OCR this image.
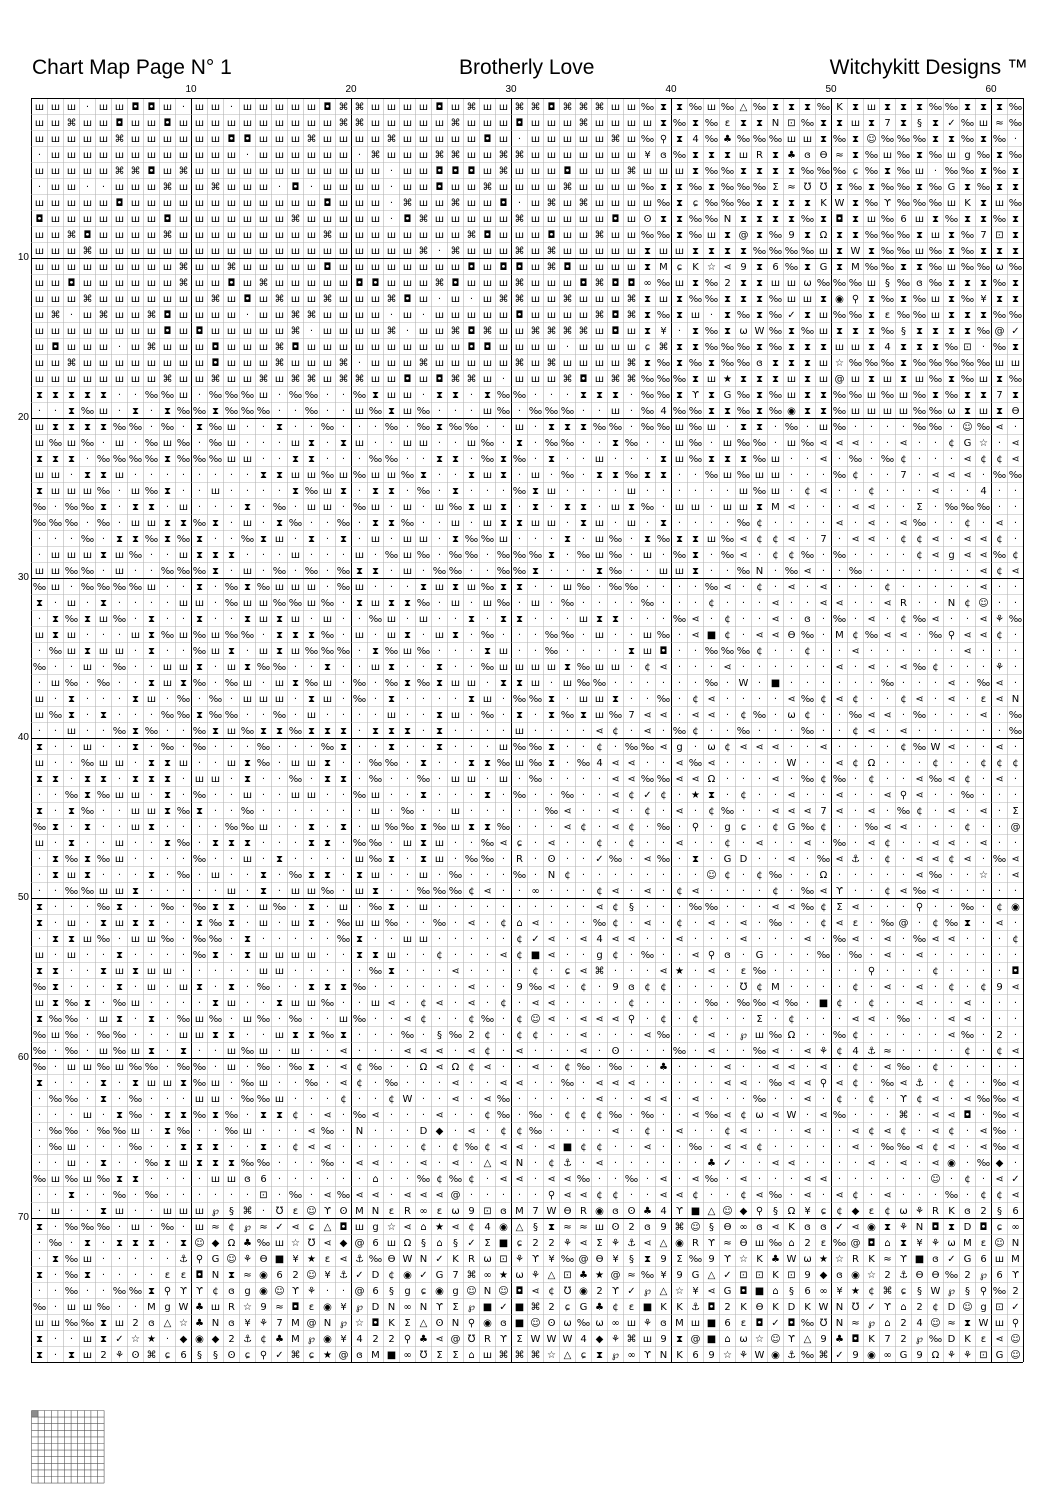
Chart Map Page N° 1	Brotherly Love	Witchykitt Designs ™
10	20	30	40	50	60
10
20
30
40
50
60
70
ш ш ш · ш ш ◘ ◘ ш · ш ш · ш ш ш ш ш ◘ ⌘ ⌘ ш ш ш ш ◘ ш ⌘ ш ш ⌘ ⌘ ◘ ⌘ ⌘ ⌘ ш ш ‰ ⧗ ⧗ ‰ ш ‰ △ ‰ ⧗ ⧗ ⧗ ‰ K ⧗ ш ⧗ ⧗ ⧗ ‰ ‰ ⧗ ⧗ ⧗ ‰
ш ш ⌘ ш ш ◘ ш ш ◘ ш ш ш ш ш ш ш ш ш ш ⌘ ⌘ ш ш ш ш ш ⌘ ш ш ш ◘ ш ш ш ⌘ ш ш ш ш ⧗ ‰ ⧗ ‰ ε ⧗ ⧗ N ⊡ ‰ ⧗ ⧗ ш ⧗ 7 ⧗ § ⧗ ✓ ‰ ш ≈ ‰
ш ш ш ш ш ⌘ ш ш ш ш ш ш ◘ ◘ ш ш ш ⌘ ш ш ш ш ⌘ ш ш ш ш ш ◘ ш · ш ш ш ш ш ⌘ ш ‰ ⚲ ⧗ 4 ‰ ♣ ‰ ‰ ‰ ш ш ⧗ ‰ ⧗ ☺ ‰ ‰ ‰ ⧗ ⧗ ‰ ⧗ ‰ ·
· ш ш ш ш ш ш ш ш ш ш ш ш · ш ш ш ш ш ш · ⌘ ш ш ш ⌘ ⌘ ш ш ⌘ ⌘ ш ш ш ш ш ш ш ¥ ɞ ‰ ⧗ ⧗ ⧗ ш R ⧗ ♣ ɞ Ѳ ≈ ⧗ ‰ ш ‰ ⧗ ‰ ш g ‰ ⧗ ‰
ш ш ш ш ш ⌘ ⌘ ◘ ш ⌘ ш ш ш ш ш ш ш ш ш ш ш ш · ш ш ◘ ◘ ◘ ш ⌘ ш ш ш ◘ ш ш ш ⌘ ш ш ш ⧗ ‰ ‰ ⧗ ⧗ ⧗ ⧗ ‰ ‰ ‰ ɕ ‰ ⧗ ‰ ш · ‰ ‰ ⧗ ‰ ⧗
· ш ш · · ш ш ш ⌘ ш ш ⌘ ш ш ш · ◘ · ш ш ш ш · ш ш ◘ ш ш ⌘ ш ш ш ш ⌘ ш ш ш ш ‰ ⧗ ⧗ ‰ ⧗ ‰ ‰ ‰ Σ ≈ ℧ ℧ ⧗ ‰ ⧗ ‰ ‰ ⧗ ‰ G ⧗ ‰ ⧗ ⧗
ш ш ш ш ш ◘ ш ш ш ш ш ш ш ш ш ш ш ш ◘ ш ш ш · ⌘ ш ш ⌘ ш ш ◘ · ш ⌘ ш ⌘ ш ш ш ш ‰ ⧗ ɕ ‰ ‰ ‰ ⧗ ⧗ ⧗ ⧗ K W ⧗ ‰ ϒ ‰ ‰ ‰ ш K ⧗ ш ‰
◘ ш ш ш ш ш ш ш ◘ ш ш ш ш ш ш ш ⌘ ш ш ш ш ш · ◘ ⌘ ш ш ш ш ш ⌘ ш ш ш ш ш ◘ ш ʘ ⧗ ⧗ ‰ ‰ N ⧗ ⧗ ⧗ ⧗ ‰ ⧗ ◘ ⧗ ш ‰ 6 ш ⧗ ‰ ⧗ ⧗ ‰ ⧗
ш ш ⌘ ◘ ш ш ш ш ⌘ ш ш ш ш ш ш ш ш ш ⌘ ш ш ш ш ш ш ш ш ⌘ ◘ ш ш ш ◘ ш ш ⌘ ш ш ‰ ‰ ⧗ ‰ ш ⧗ @ ⧗ ‰ 9 ⧗ Ω ⧗ ⧗ ‰ ‰ ‰ ⧗ ш ⧗ ‰ 7 ⊡ ⧗
ш ш ш ⌘ ш ш ш ш ш ш ш ш ш ш ш ш ш ш ш ш ш ш ш ш ⌘ · ⌘ ш ш ш ⌘ ш ⌘ ш ш ш ш ш ⧗ ш ш ⧗ ⧗ ⧗ ⧗ ‰ ‰ ‰ ‰ ш ⧗ W ⧗ ‰ ‰ ш ‰ ⧗ ‰ ⧗ ⧗ ⧗
ш ш ш ш ш ш ш ш ш ⌘ ш ш ⌘ ш ш ш ш ш ◘ ш ш ш ш ш ш ш ш ◘ ш ◘ ◘ ш ⌘ ◘ ш ш ш ш ⧗ M ɕ K ☆ ⋖ 9 ⧗ 6 ‰ ⧗ G ⧗ M ‰ ‰ ⧗ ⧗ ‰ ш ‰ ‰ ω ‰
ш ш ◘ ш ш ш ш ш ш ⌘ ш ш ◘ ш ⌘ ш ш ш ш ш ◘ ◘ ш ш ш ⌘ ◘ ш ш ш ⌘ ш ш ш ◘ ⌘ ◘ ◘ ∞ ‰ ш ⧗ ‰ 2 ⧗ ⧗ ш ш ω ‰ ‰ ‰ ш § ‰ ɞ ‰ ⧗ ⧗ ⧗ ‰ ⧗
ш ш ш ⌘ ш ш ш ш ш ш ш ⌘ ш ◘ ш ⌘ ш ш ⌘ ш ш ш ⌘ ◘ ш · ш · ш ⌘ ⌘ ш ш ⌘ ш ш ш ⌘ ⧗ ш ⧗ ‰ ‰ ⧗ ⧗ ⧗ ‰ ш ш ⧗ ◉ ⚲ ⧗ ‰ ⧗ ‰ ш ⧗ ‰ ¥ ⧗ ⧗
ш ⌘ · ш ⌘ ш ш ⌘ ◘ ш ш ш ш · ш ш ⌘ ⌘ ш ш ш ш · ш · ш ш ш ш ш ◘ ш ш ш ш ⌘ ◘ ⌘ ⧗ ‰ ⧗ ш · ⧗ ‰ ⧗ ‰ ✓ ⧗ ш ‰ ‰ ⧗ ε ‰ ‰ ш ⧗ ⧗ ⧗ ‰ ‰
ш ш ш ш ш ш ш ш ◘ ш ◘ ш ш ш ш ш ⌘ · ш ш ш ш ⌘ · ш ш ⌘ ◘ ⌘ ш ш ⌘ ⌘ ⌘ ⌘ ш ◘ ш ⧗ ¥ · ⧗ ‰ ⧗ ω W ‰ ⧗ ‰ ш ⧗ ⧗ ⧗ ‰ § ⧗ ⧗ ⧗ ⧗ ‰ @ ✓
ш ◘ ш ш ш · ш ⌘ ш ш ш ◘ ш ш ш ⌘ ◘ ш ш ш ш ш ш ш ш ш ш ◘ ◘ ш ш ш ш · ш ш ш ш ɕ ⌘ ⧗ ⧗ ‰ ‰ ‰ ⧗ ‰ ⧗ ⧗ ⧗ ш ш ⧗ 4 ⧗ ⧗ ⧗ ‰ ⊡ · ‰ ⧗
ш ш ⌘ ш ш ш ш ш ш ш ш ◘ ш ш ш ⌘ ш ш ш ⌘ · ш ш ш ⌘ ш ш ш ш ш ⌘ ш ⌘ ш ш ш ш ⌘ ⧗ ‰ ⧗ ‰ ⧗ ‰ ‰ ɞ ⧗ ⧗ ⧗ ш ☆ ‰ ‰ ‰ ⧗ ‰ ‰ ‰ ‰ ‰ ш ш
ш ш ш ш ш ш ш ш ⌘ ш ш ⌘ ш ш ⌘ ш ⌘ ⌘ ш ⌘ ⌘ ш ш ◘ ш ◘ ⌘ ⌘ ш · ш ш ш ⌘ ◘ ш ⌘ ⌘ ‰ ‰ ‰ ⧗ ш ★ ⧗ ⧗ ⧗ ш ⧗ ш @ ш ⧗ ш ⧗ ш ‰ ⧗ ‰ ш ⧗ ‰
⧗ ⧗ ⧗ ⧗ ⧗ · · ‰ ‰ ш · ‰ ‰ ‰ ш · ‰ ‰ · · ‰ ⧗ ш ш · ⧗ ⧗ · ⧗ ‰ ‰ · · · ⧗ ⧗ ⧗ · ‰ ‰ ⧗ ϒ ⧗ G ‰ ⧗ ‰ ш ⧗ ⧗ ‰ ‰ ш ‰ ш ‰ ⧗ ‰ ⧗ ⧗ 7 ⧗
· · ⧗ ‰ ш · ⧗ · ⧗ ‰ ‰ ⧗ ‰ ‰ ‰ · · ‰ · · ш ‰ ⧗ ш ‰ · · · ш ‰ · ‰ ‰ ‰ · · ш · ‰ 4 ‰ ‰ ⧗ ⧗ ‰ ⧗ ‰ ◉ ⧗ ⧗ ‰ ш ш ш ш ‰ ‰ ω ⧗ ш ⧗ Ѳ
ш ⧗ ⧗ ⧗ ⧗ ‰ ‰ · ‰ · ⧗ ‰ ш · · ⧗ · · ‰ · · · ‰ · ‰ ⧗ ‰ ‰ · · ш · ⧗ ⧗ ⧗ ‰ ‰ · ‰ ‰ ш ‰ ш · ⧗ ⧗ · ‰ · ш ‰ · · · · ‰ ‰ · ☺ ‰ ⋖ ·
ш ‰ ш ‰ · ш · ‰ ш ‰ · ‰ ш · · · ш ⧗ · ⧗ ш · · ш ш · · ш ‰ · ⧗ · ‰ ‰ · · ⧗ ‰ · · ш ‰ · ш ‰ ‰ · ш ‰ ⋖ ⋖ ⋖ · · ⋖ · · ¢ G ☆ · ⋖
⧗ ⧗ ⧗ · ‰ ‰ ‰ ‰ ⧗ ‰ ‰ ‰ ш ш · · ⧗ ⧗ · · · ‰ ‰ · · ⧗ ⧗ · ‰ ⧗ ‰ · ⧗ · · ш · · · ⧗ ш ‰ ⧗ ⧗ ⧗ ‰ ш · · ⋖ · ‰ · ‰ ¢ · · · ⋖ ¢ ¢ ⋖
ш ш · ⧗ ⧗ ш · · · · · · · · ⧗ ⧗ ш ш ‰ ш ‰ ш ш ‰ ⧗ · · ⧗ ш ⧗ · ш · ‰ · ⧗ ⧗ ‰ ⧗ ⧗ · · ‰ ш ‰ ш ш · · · ‰ ¢ · · 7 · ⋖ ⋖ ⋖ · ‰ ‰
⧗ ш ш ш ‰ · ш ‰ ⧗ · · ш · · · · ⧗ ‰ ш ⧗ · ⧗ ⧗ · ‰ · ⧗ · · · ‰ ⧗ ш · · · · ш · · · · · · ш ‰ ш · ¢ ⋖ · · ¢ · · · ⋖ · · 4 · ·
‰ · ‰ ‰ ⧗ · ⧗ ⧗ · ш · · · ⧗ · ‰ · ш ш · ‰ ш · ш · ш ‰ ⧗ ш ⧗ · ⧗ · ⧗ ⧗ · ш ⧗ ‰ · ш ш · ш ш ⧗ M ⋖ · · · ⋖ ⋖ · · Σ · ‰ ‰ ‰ · ·
‰ ‰ ‰ · ‰ · ш ш ⧗ ⧗ ‰ ⧗ · ш · ⧗ ‰ · · ‰ · ⧗ ⧗ ‰ · · ш · ш ⧗ ⧗ ш ш · ⧗ ш · ш · ⧗ · · · · ‰ ¢ · · · · ⋖ · ⋖ · ⋖ ‰ · · ¢ · ⋖ ·
· · · ‰ · ⧗ ⧗ ‰ ⧗ ‰ ⧗ · · ‰ ⧗ ш · ⧗ · ⧗ · ш · ш ш · ⧗ ‰ ‰ ш · · · ⧗ · ш ‰ · ⧗ ‰ ⧗ ⧗ ш ‰ ⋖ ¢ ¢ ⋖ · 7 · ⋖ ⋖ · ¢ ¢ ⋖ · ⋖ ⋖ ¢ ·
· ш ш ш ⧗ ш ‰ · · ш ⧗ ⧗ ⧗ · · · ш · · · ш · ‰ ш ‰ · ‰ ‰ · ‰ ‰ ‰ ⧗ · ‰ ш ‰ · ш · ‰ ⧗ · ‰ ⋖ · ¢ ¢ ‰ · ‰ · · · · ¢ ⋖ g ⋖ ⋖ ‰ ¢
ш ш ‰ ‰ · ш · · ‰ ‰ ‰ ⧗ · ш · ‰ · ‰ · ‰ ⧗ ⧗ · ш · ‰ ‰ · · ‰ ‰ ⧗ · · · ⧗ ‰ · · ш ш ⧗ · · ‰ N · ‰ ⋖ · · ‰ · · · · · · · ⋖ ¢ ⋖
‰ ш · ‰ ‰ ‰ ‰ ш · · ⧗ · ‰ ⧗ ‰ ш ш ш · ‰ ш · · · ⧗ ш ⧗ ш ‰ ⧗ ⧗ · · ш ‰ · ‰ ‰ · · · · ‰ ⋖ · ¢ · ⋖ · ⋖ · · · ¢ · · · · · ⋖ · ·
⧗ · ш · ⧗ · · · · ш ш · ‰ ш ш ‰ ‰ ш ‰ · ⧗ ш ⧗ ⧗ ‰ · ш · ш ‰ · ш · ‰ · · · · ‰ · · · ¢ · · · ⋖ · · ⋖ ⋖ · · ⋖ R · · N ¢ ☺ · ·
· ⧗ ‰ ⧗ ш ‰ · ⧗ · · ⧗ · · ⧗ ш ⧗ ш · ш · · ‰ ш · ш · · ⧗ · ⧗ ⧗ · · · ш ⧗ ⧗ · · · ‰ ⋖ · ¢ · · ⋖ · ɞ · ‰ · ⋖ · ¢ ‰ ⋖ · · ⋖ ⚘ ‰
ш ⧗ ш · · · ш ⧗ ‰ ш ‰ ш ‰ ‰ · ⧗ ⧗ ⧗ ‰ · ш · ш ⧗ · ш ⧗ · ‰ · · · ‰ ‰ · ш · · ш ‰ · ⋖ ■ ¢ · ⋖ ⋖ Ѳ ‰ · M ¢ ‰ ⋖ ⋖ · ‰ ⚲ ⋖ ⋖ ¢ ·
· ‰ ш ⧗ ш ш · ⧗ · · ‰ ш ⧗ · ш ⧗ ш ‰ ‰ ‰ · ⧗ ‰ ш ‰ · · · ⧗ ш · · ‰ · · · · ⧗ ш ◘ · · ‰ ‰ ‰ ¢ · · ¢ · · ⋖ · · · · · · ⋖ · · ·
‰ · · ш · ‰ · · ш ш ⧗ · ш ⧗ ‰ ‰ · · ⧗ · · ш ⧗ · · ⧗ · · ‰ ш ш ш ш ⧗ ‰ ш ш · ¢ ⋖ · · · ⋖ · · · · · · ⋖ · ⋖ · ⋖ ‰ ¢ · · · ⚘ ·
· ш ‰ · ‰ · · ⧗ ш ⧗ ‰ · ‰ ш · ш ⧗ ‰ ш · ‰ · ‰ ⧗ ‰ ⧗ ш ш · ⧗ ⧗ ш · ш ‰ ‰ · · · · · · ‰ · W · ■ · · · · · · ‰ · · · ⋖ · ‰ ⋖ ·
ш · ⧗ · · · ⧗ ш · ‰ · ‰ · ш ш ш · ⧗ ш · ‰ · ⧗ · · · · ⧗ ш · ‰ ‰ ⧗ · ш ш ⧗ · · ‰ · ¢ ⋖ · · · · ⋖ ‰ ¢ ⋖ ¢ · · ¢ ⋖ · ⋖ · ε ⋖ N
ш ‰ ⧗ · ⧗ · · · ‰ ‰ ⧗ ‰ ‰ · · ‰ · ш · · · · ш · · ⧗ ш · ‰ · ⧗ · ⧗ ‰ ⧗ ш ‰ 7 ⋖ ⋖ · ⋖ ⋖ · ¢ ‰ · ω ¢ · · ‰ ⋖ ⋖ · ‰ · · · ⋖ · ‰
· · ш · · ‰ ⧗ ‰ · · ‰ ⧗ ш ‰ ⧗ ⧗ ‰ ⧗ ⧗ ⧗ · ⧗ ⧗ ⧗ · ⧗ · · · · ш · · · · ⋖ ¢ · ⋖ · ‰ ¢ · · ‰ · · · ‰ · · ¢ ⋖ · ⋖ · · · · · · ‰
⧗ · · ш · · ⧗ · ‰ · ‰ · · · ‰ · · · ‰ ⧗ · · ⧗ · · ⧗ · · · ш ‰ ‰ ⧗ · · ¢ · ‰ ‰ ⋖ g · ω ¢ ⋖ ⋖ ⋖ · · ⋖ · · · · ¢ ‰ W ⋖ · · ⋖ ·
ш · · ‰ ш ш · ⧗ ⧗ ш · · ш ⧗ ‰ · ш ш ⧗ · · ‰ ‰ · ⧗ · · ⧗ ⧗ ‰ ш ‰ ⧗ · ‰ 4 ⋖ ⋖ · · ⋖ ‰ ⋖ · · · · W · · ⋖ ¢ Ω · · · ¢ · · ¢ ¢ ¢
⧗ ⧗ · ⧗ ⧗ · ⧗ ⧗ ⧗ · ш ш · ⧗ · · ‰ · ⧗ ⧗ · ‰ · · ‰ · ш ш · ш · ‰ · · · · ⋖ ⋖ ‰ ‰ ⋖ ⋖ Ω · · · ⋖ · ‰ ¢ ‰ · ¢ · · ⋖ ‰ ⋖ ¢ · ⋖ ·
· · ‰ ⧗ ‰ ш ш · ⧗ · ‰ · · ш · · ш ш · · ‰ ш · · ⧗ · · · ⧗ · ‰ · · ‰ · · ⋖ ¢ ✓ ¢ · ★ ⧗ · ¢ · · ⋖ · · ⋖ · · ⋖ ⚲ ⋖ · · ‰ · · ·
⧗ · ⧗ ‰ · · ш ш ⧗ ‰ ⧗ · · ‰ · · · · · · · ш · ‰ · · ш · · · · · ‰ ⋖ · · ⋖ · ¢ · ⋖ · ¢ ‰ · · ⋖ ⋖ ⋖ 7 ⋖ · ⋖ · ‰ ¢ · ⋖ · ⋖ · Σ
‰ ⧗ · ⧗ · · ш ⧗ · · · · ‰ ‰ ш · · ⧗ · ⧗ · ш ‰ ‰ ⧗ ‰ ш ⧗ ⧗ ‰ · · · ⋖ ¢ · ⋖ ¢ · ‰ · ⚲ · g ɕ · ¢ G ‰ ¢ · · ‰ ⋖ ⋖ · · · ¢ · · @
ш · ⧗ · · ш · · ⧗ ‰ · ⧗ ⧗ ⧗ · · · ⧗ ⧗ · ‰ ‰ · ш ⧗ ш · · ‰ ⋖ ɕ · ⋖ · · ¢ · ¢ · · ⋖ · · ¢ · ⋖ · · ⋖ · ‰ · ⋖ ¢ · · ⋖ ⋖ · ⋖ · ·
· ⧗ ‰ ⧗ ‰ ш · · · · ‰ · · ш · ⧗ · · · · ш ‰ ⧗ · ⧗ ш · ‰ ‰ · R · ʘ · · ✓ ‰ · ⋖ ‰ · ⧗ · G D · · ⋖ · ‰ ⋖ ⚓ · ¢ · ⋖ ⋖ ¢ ⋖ · ‰ ⋖
· ⧗ ш ⧗ · · · ⧗ · ‰ · ш · · ⧗ · ‰ ⧗ ⧗ · ⧗ ш · · ш · ‰ · · · ‰ · N ¢ · · · · · · · · ☺ ¢ · ¢ ‰ · · Ω · · · · · ⋖ ‰ · · ☆ · ⋖
· · ‰ ‰ ш ш ⧗ · · · · · ш · ⧗ · ш ш ‰ · ш ⧗ · · ‰ ‰ ‰ ¢ ⋖ · · ∞ · · · ¢ ⋖ · ⋖ · ¢ ⋖ · · · · ¢ · ‰ ⋖ ϒ · · ¢ ⋖ ‰ ⋖ · · · · ·
⧗ · · · ‰ ⧗ · · ‰ · ‰ ⧗ ⧗ · ш ‰ · ⧗ · ш · ‰ ⧗ · ш · · · · · · · · · · ⋖ ¢ § · · · ‰ ‰ · · · ⋖ ⋖ ‰ ¢ Σ ⋖ · · · ⚲ · · ‰ · ¢ ◉
⧗ · ш · ⧗ ш ⧗ ⧗ · · ⧗ ‰ ⧗ · ш · ш ⧗ · ‰ ш ш ‰ · · ‰ · ⋖ · ¢ ⌂ ⋖ · · · ‰ ¢ · ⋖ · ¢ · ⋖ · ⋖ · ‰ · · ¢ ⋖ ε · ‰ @ · ¢ ‰ ⧗ · ⋖ ·
· ⧗ ⧗ ш ‰ · ш ш ‰ · ‰ ‰ · ⧗ · · · · · ‰ ⧗ · · ш ш · · · · · ¢ ✓ ⋖ · ⋖ 4 ⋖ ⋖ · · ⋖ · · · ⋖ · · · ⋖ · ‰ ⋖ · ⋖ · ‰ ⋖ ⋖ · · · ¢
ш · ш · · ⧗ · · · · ‰ ⧗ · ⧗ ш ш ш ш · · ⧗ ⧗ ш · · ¢ · · · ⋖ ¢ ■ ⋖ · · g ¢ · ‰ · · ⋖ ⚲ ɞ · G · · · ‰ · ‰ · ⋖ · ⋖ · · · · · ·
⧗ ⧗ · · ⧗ ш ⧗ ш ш · · · · · ш ш · · · · · ‰ ⧗ · · · ⋖ · · · · ¢ · ɕ ⋖ ⌘ · · · ⋖ ★ · ⋖ · ε ‰ · · · · · · ⚲ · · · ¢ · · · · ◘
‰ ⧗ · · · ⧗ · ш · ш ⧗ · ⧗ · ‰ · · ⧗ ⧗ ⧗ ‰ · · · · · · ⋖ · · 9 ‰ ⋖ · ¢ · 9 ɞ ¢ ¢ · · · · ℧ ¢ M · · · · ¢ · ⋖ · ⋖ · ¢ · ¢ 9 ⋖
ш ⧗ ‰ ⧗ · ‰ ш · · · · ⧗ ш · · ⧗ ш ш ‰ · · ш ⋖ · ¢ ⋖ · ⋖ · ¢ · ⋖ ⋖ · · · · ¢ · · · · ‰ · ‰ ‰ ⋖ ‰ · ■ ¢ · ¢ · · ⋖ · · ⋖ · · ·
⧗ ‰ ‰ · ш ⧗ · ⧗ · ‰ ш ‰ · ш ‰ · ‰ · · ш ‰ · · ⋖ ¢ · · ¢ ‰ · ¢ ☺ ⋖ · ⋖ ⋖ ⋖ ⚲ · ¢ · ¢ · · · Σ · ¢ · · · ⋖ ⋖ · ‰ · · ⋖ ⋖ · · ·
‰ ш ‰ · ‰ ‰ · · · ш ш ⧗ ⧗ · · ш ⧗ ⧗ ‰ ⧗ · · · ‰ · § ‰ 2 ¢ · ¢ ¢ · · ⋖ · · · ⋖ ‰ · · ⋖ · ℘ ш ‰ Ω · · ‰ ¢ · · · · · ⋖ ‰ · 2 ·
‰ · ‰ · ш ‰ ш ⧗ · ⧗ · · ш ‰ ш · ш · · ⋖ · · · ⋖ ⋖ ⋖ · ⋖ ¢ · ⋖ · · · ⋖ · ʘ · · · ‰ · ⋖ · · ‰ ⋖ · ⋖ ⚘ ¢ 4 ⚓ ≈ · · · · ¢ · ¢ ⋖
‰ · ш ш ‰ ш ‰ ‰ · ‰ ‰ · ш · ‰ · ‰ ⧗ · ⋖ ¢ ‰ · · Ω ⋖ Ω ¢ ⋖ · · ⋖ · ¢ ‰ · ‰ · · ♣ · · · ⋖ · · ⋖ ⋖ · ⋖ · ¢ · ⋖ ‰ · ¢ · · · · ·
⧗ · · · ⧗ · ⧗ ш ш ⧗ ‰ ш · ‰ ш · · ‰ · ⋖ ¢ · ‰ · · · ⋖ · · ⋖ ⋖ · · ‰ · ⋖ ⋖ ⋖ · · · · · ⋖ ⋖ · ‰ ⋖ ⋖ ⚲ ⋖ ¢ · ‰ ⋖ ⚓ · ¢ · · ‰ ⋖
· ‰ ‰ · ⧗ · ‰ · · · ш ш · ‰ ‰ ш · · · ¢ · · ¢ W · · ⋖ · ⋖ ‰ · · · · · ⋖ · · ⋖ ⋖ · ⋖ · · · ‰ · · ⋖ · ¢ · ¢ · ϒ ¢ ⋖ · ⋖ ‰ ‰ ⋖
· · · ш · ⧗ ‰ · ⧗ ⧗ ‰ ⧗ ‰ · ⧗ ⧗ ¢ · ⋖ · ‰ ⋖ · · · ⋖ · · ¢ ‰ · ‰ · ¢ ¢ ¢ ‰ · ‰ · · ⋖ ‰ ⋖ ¢ ω ⋖ W · ⋖ ‰ · · · ⌘ · ⋖ ⋖ ◘ · ‰ ⋖
· ‰ ‰ · ‰ ‰ ш · ⧗ ‰ · · ‰ ш · · · ⋖ ‰ · N · · · D ◆ · ⋖ · ¢ ¢ ‰ · · · · ⋖ · ¢ · ⋖ · · ¢ ⋖ · · · ⋖ · · ⋖ ¢ ⋖ ¢ · ⋖ ¢ · ⋖ ‰ ·
· ‰ ш · · · ‰ · · ⧗ ⧗ ⧗ · · ⧗ · ¢ ⋖ ⋖ · · · · · ¢ · ¢ ‰ ¢ ⋖ ⋖ · ⋖ ■ ¢ ¢ · · ⋖ · · ‰ · ⋖ ⋖ ¢ · · · · · ⋖ · ‰ ‰ ⋖ ¢ ⋖ · ⋖ ‰ ⋖
· · ш · ⧗ · · ‰ ⧗ ш ⧗ ⧗ ⧗ ‰ ‰ · · · ‰ · ⋖ ⋖ · · ⋖ · ⋖ · △ ⋖ N · ¢ ⚓ · ⋖ · · · · · · ♣ ✓ · · ⋖ ⋖ · · · · ⋖ · ⋖ · ⋖ ◉ · ‰ ◆ ·
‰ ш ‰ ш ‰ ⧗ ⧗ · · · · ш ш ɞ 6 · · · · · · ⌂ · · ‰ ¢ ‰ ¢ · ⋖ ⋖ · ⋖ ⋖ ‰ · · ‰ · ⋖ · ⋖ ‰ · ⋖ · · · ⋖ ⋖ · · · · · · ☺ · ¢ · ⋖ ✓
· · ⧗ · · ‰ · ‰ · · · · · · ⊡ · ‰ · ⋖ ‰ ⋖ ⋖ · ⋖ ⋖ ⋖ @ · · · · · ⚲ ⋖ ⋖ ¢ ¢ · · ⋖ ⋖ ¢ · · ¢ ⋖ ‰ · ⋖ · ⋖ ¢ · ⋖ · · · ‰ · ¢ ¢ ⋖
· ш · · ⧗ ш · · ш ш ш ℘ § ⌘ · ℧ ε ☺ ϒ ʘ M N ε R ∞ ε ω 9 ⊡ ɞ M 7 W Ѳ R ◉ ɞ ʘ ♣ 4 ϒ ■ △ ☺ ◆ ⚲ § Ω ¥ ɕ ¢ ◆ ε ¢ ω ⚘ R K ɞ 2 § 6
⧗ · ‰ ‰ ‰ · ш · ‰ · ш ≈ ¢ ℘ ≈ ✓ ⋖ ɕ △ ◘ ш g ☆ ⋖ ⌂ ★ ⋖ ¢ 4 ◉ △ § ⧗ ≈ ≈ ш ʘ 2 ɞ 9 ⌘ ☺ § Ѳ ∞ ɞ ⋖ K ɞ ɞ ✓ ⋖ ◉ ⧗ ⚘ N ◘ ⧗ D ◘ ɕ ∞
· ‰ · ⧗ · ⧗ ⧗ ⧗ · ⧗ ☺ ◆ Ω ♣ ‰ ш ☆ ℧ ⋖ ◆ @ 6 ш Ω § ⌂ § ✓ Σ ■ ɕ 2 2 ⚘ ⋖ Σ ⚘ ⚓ ⋖ △ ◉ R ϒ ≈ Ѳ ш ‰ ⌂ 2 ε ‰ @ ◘ ⌂ ⧗ ¥ ⚘ ω M ε ☺ N
· ⧗ ‰ ш · · · · · ⚓ ⚲ G ☺ ⚘ Ѳ ■ ¥ ★ ε ⋖ ⚓ ‰ Ѳ W N ✓ K R ω ⊡ ⚘ ϒ ¥ ‰ @ Ѳ ¥ § ⧗ 9 Σ ‰ 9 ϒ ☆ K ♣ W ω ★ ☆ R K ≈ ϒ ■ ɞ ✓ G 6 ш M
⧗ · ‰ ⧗ · · · · ε ε ◘ N ⧗ ≈ ◉ 6 2 ☺ ¥ ⚓ ✓ D ¢ ◉ ✓ G 7 ⌘ ∞ ★ ω ⚘ △ ⊡ ♣ ★ @ ≈ ‰ ¥ 9 G △ ✓ ⊡ ⊡ K ⊡ 9 ◆ ɞ ◉ ☆ 2 ⚓ Ѳ Ѳ ‰ 2 ℘ 6 ϒ
· · ‰ · · ‰ ‰ ⧗ ⚲ ϒ ϒ ¢ ɞ g ◉ ☺ ϒ ⚘ · · @ 6 § g ɕ ◉ g ☺ N ☺ ◘ ⋖ ¢ ℧ ◉ 2 ϒ ✓ ℘ △ ☆ ¥ ⋖ G ◘ ■ ⌂ § 6 ∞ ¥ ★ ¢ ⌘ ɕ § W ℘ § ⚲ ‰ 2
‰ · ш ш ‰ · · M g W ♣ ш R ☆ 9 ≈ ◘ ε ◉ ¥ ℘ D N ∞ N ϒ Σ ℘ ■ ✓ ■ ⌘ 2 ɕ G ♣ ¢ ε ■ K K ⚓ ◘ 2 K Ѳ K D K W N ℧ ✓ ϒ ⌂ 2 ¢ D ☺ g ⊡ ✓
ш ш ‰ ‰ ⧗ ш 2 ɞ △ ☆ ♣ N ɞ ¥ ⚘ 7 M @ N ℘ ☆ ◘ K Σ △ ʘ N ⚲ ◉ ɞ ■ ☺ ʘ ω ‰ ω ∞ ш ⚘ ɞ M ш ■ 6 ε ◘ ✓ ◘ ‰ ℧ N ≈ ℘ ⌂ 2 4 ☺ ≈ ⧗ W ш ⚲
⧗ · · ш ⧗ ✓ ☆ ★ · ◆ ◉ ◆ 2 ⚓ ¢ ♣ M ℘ ◉ ¥ 4 2 2 ⚲ ♣ ⋖ @ ℧ R ϒ Σ W W W 4 ◆ ⚘ ⌘ ш 9 ⧗ @ ■ ⌂ ω ☆ ☺ ϒ △ 9 ♣ ◘ K 7 2 ℘ ‰ D K ε ⋖ ☺
⧗ · ⧗ ш 2 ⚘ ʘ ⌘ ɕ 6 § § ʘ ɕ ⚲ ✓ ⌘ ɕ ★ @ ɞ M ■ ∞ ℧ Σ Σ ⌂ ш ⌘ ⌘ ⌘ ☆ △ ɕ ⧗ ℘ ∞ ϒ N K 6 9 ☆ ⚘ W ◉ ⚓ ‰ ⌘ ✓ 9 ◉ ∞ G 9 Ω ⚘ ⚘ ⊡ G ☺
